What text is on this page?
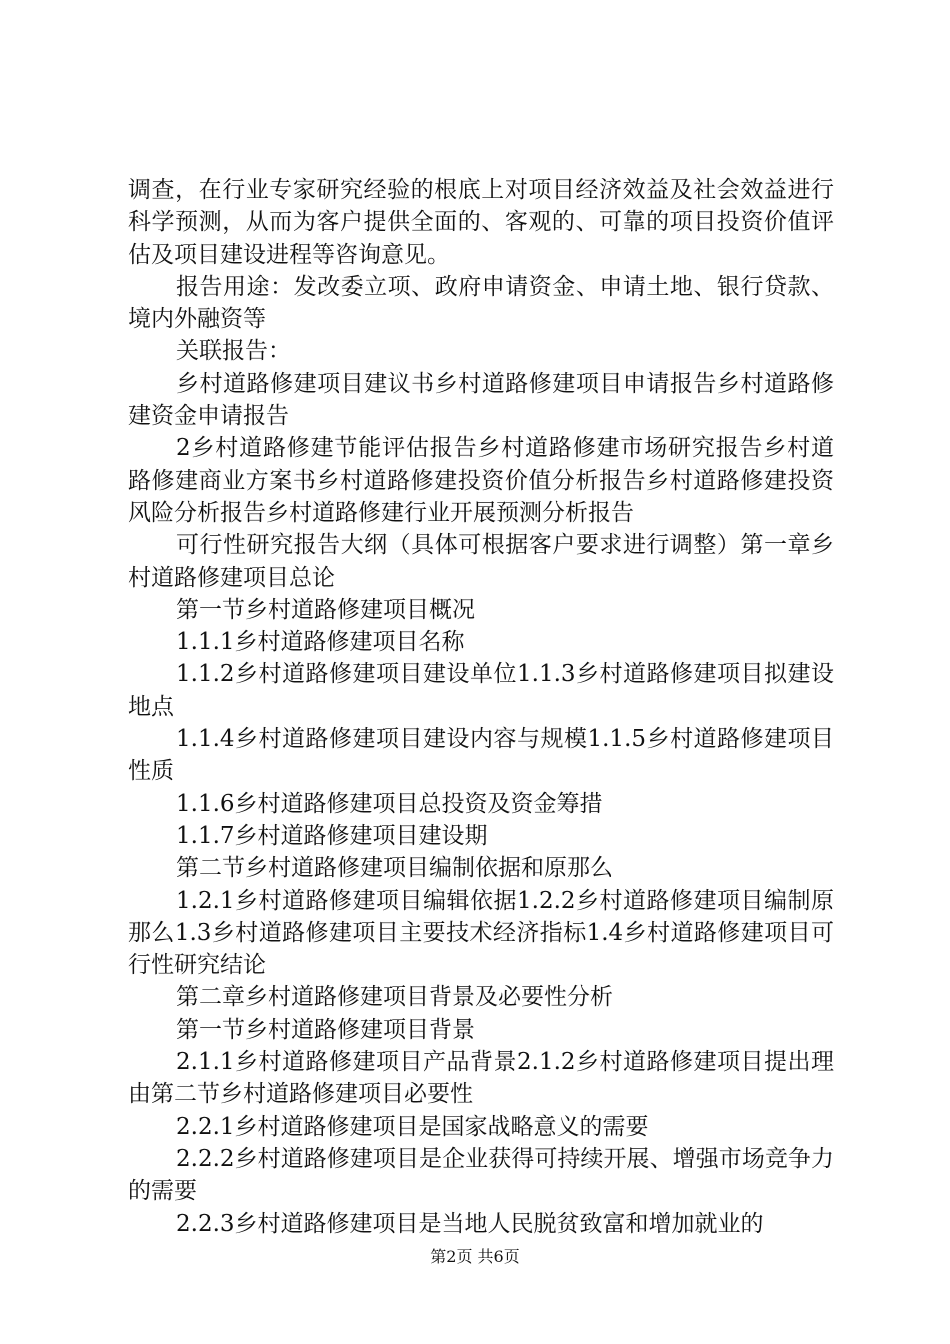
调查，在行业专家研究经验的根底上对项目经济效益及社会效益进行科学预测，从而为客户提供全面的、客观的、可靠的项目投资价值评估及项目建设进程等咨询意见。

报告用途：发改委立项、政府申请资金、申请土地、银行贷款、境内外融资等

关联报告：

乡村道路修建项目建议书乡村道路修建项目申请报告乡村道路修建资金申请报告

2乡村道路修建节能评估报告乡村道路修建市场研究报告乡村道路修建商业方案书乡村道路修建投资价值分析报告乡村道路修建投资风险分析报告乡村道路修建行业开展预测分析报告

可行性研究报告大纲（具体可根据客户要求进行调整）第一章乡村道路修建项目总论

第一节乡村道路修建项目概况

1.1.1乡村道路修建项目名称

1.1.2乡村道路修建项目建设单位1.1.3乡村道路修建项目拟建设地点

1.1.4乡村道路修建项目建设内容与规模1.1.5乡村道路修建项目性质

1.1.6乡村道路修建项目总投资及资金筹措

1.1.7乡村道路修建项目建设期

第二节乡村道路修建项目编制依据和原那么

1.2.1乡村道路修建项目编辑依据1.2.2乡村道路修建项目编制原那么1.3乡村道路修建项目主要技术经济指标1.4乡村道路修建项目可行性研究结论

第二章乡村道路修建项目背景及必要性分析

第一节乡村道路修建项目背景

2.1.1乡村道路修建项目产品背景2.1.2乡村道路修建项目提出理由第二节乡村道路修建项目必要性

2.2.1乡村道路修建项目是国家战略意义的需要

2.2.2乡村道路修建项目是企业获得可持续开展、增强市场竞争力的需要

2.2.3乡村道路修建项目是当地人民脱贫致富和增加就业的

第2页 共6页
